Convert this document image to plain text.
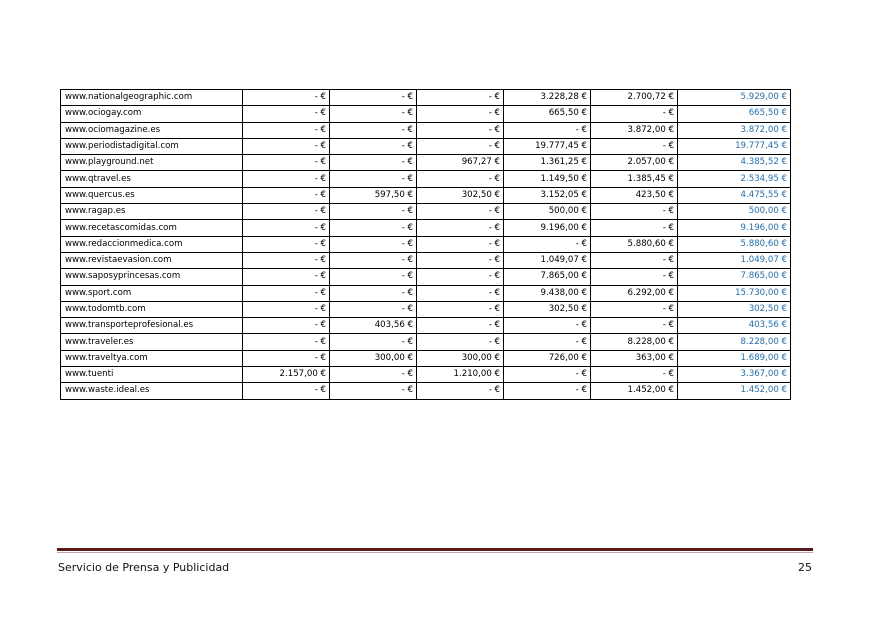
www.nationalgeographic.com	- €	- €	- €	3.228,28 €	2.700,72 €	5.929,00 €
www.ociogay.com	- €	- €	- €	665,50 €	- €	665,50 €
www.ociomagazine.es	- €	- €	- €	- €	3.872,00 €	3.872,00 €
www.periodistadigital.com	- €	- €	- €	19.777,45 €	- €	19.777,45 €
www.playground.net	- €	- €	967,27 €	1.361,25 €	2.057,00 €	4.385,52 €
www.qtravel.es	- €	- €	- €	1.149,50 €	1.385,45 €	2.534,95 €
www.quercus.es	- €	597,50 €	302,50 €	3.152,05 €	423,50 €	4.475,55 €
www.ragap.es	- €	- €	- €	500,00 €	- €	500,00 €
www.recetascomidas.com	- €	- €	- €	9.196,00 €	- €	9.196,00 €
www.redaccionmedica.com	- €	- €	- €	- €	5.880,60 €	5.880,60 €
www.revistaevasion.com	- €	- €	- €	1.049,07 €	- €	1.049,07 €
www.saposyprincesas.com	- €	- €	- €	7.865,00 €	- €	7.865,00 €
www.sport.com	- €	- €	- €	9.438,00 €	6.292,00 €	15.730,00 €
www.todomtb.com	- €	- €	- €	302,50 €	- €	302,50 €
www.transporteprofesional.es	- €	403,56 €	- €	- €	- €	403,56 €
www.traveler.es	- €	- €	- €	- €	8.228,00 €	8.228,00 €
www.traveltya.com	- €	300,00 €	300,00 €	726,00 €	363,00 €	1.689,00 €
www.tuenti	2.157,00 €	- €	1.210,00 €	- €	- €	3.367,00 €
www.waste.ideal.es	- €	- €	- €	- €	1.452,00 €	1.452,00 €
Servicio de Prensa y Publicidad	25
